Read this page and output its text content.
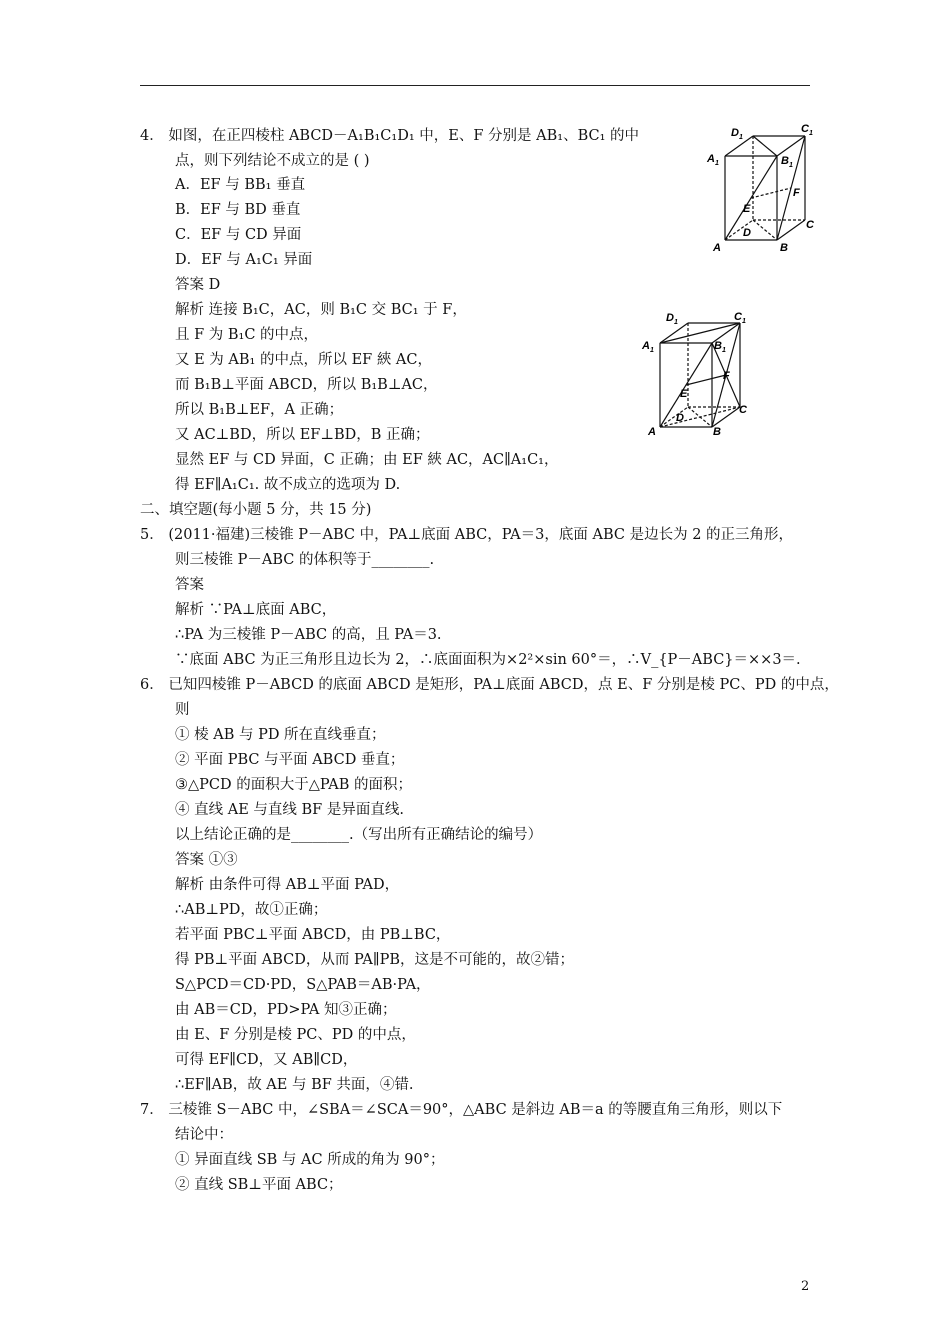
4． 如图，在正四棱柱 ABCD－A₁B₁C₁D₁ 中，E、F 分别是 AB₁、BC₁ 的中
点，则下列结论不成立的是 ( )
A．EF 与 BB₁ 垂直
B．EF 与 BD 垂直
C．EF 与 CD 异面
D．EF 与 A₁C₁ 异面
答案 D
解析 连接 B₁C，AC，则 B₁C 交 BC₁ 于 F，
且 F 为 B₁C 的中点，
又 E 为 AB₁ 的中点，所以 EF 綊 AC，
而 B₁B⊥平面 ABCD，所以 B₁B⊥AC，
所以 B₁B⊥EF，A 正确；
又 AC⊥BD，所以 EF⊥BD，B 正确；
显然 EF 与 CD 异面，C 正确；由 EF 綊 AC，AC∥A₁C₁，
得 EF∥A₁C₁. 故不成立的选项为 D.
二、填空题(每小题 5 分，共 15 分)
5． (2011·福建)三棱锥 P－ABC 中，PA⊥底面 ABC，PA＝3，底面 ABC 是边长为 2 的正三角形，
则三棱锥 P－ABC 的体积等于________.
答案
解析 ∵PA⊥底面 ABC，
∴PA 为三棱锥 P－ABC 的高，且 PA＝3.
∵底面 ABC 为正三角形且边长为 2，∴底面面积为×2²×sin 60°＝，∴V_{P－ABC}＝××3＝.
6． 已知四棱锥 P－ABCD 的底面 ABCD 是矩形，PA⊥底面 ABCD，点 E、F 分别是棱 PC、PD 的中点，
则
① 棱 AB 与 PD 所在直线垂直；
② 平面 PBC 与平面 ABCD 垂直；
③△PCD 的面积大于△PAB 的面积；
④ 直线 AE 与直线 BF 是异面直线.
以上结论正确的是________.（写出所有正确结论的编号）
答案 ①③
解析 由条件可得 AB⊥平面 PAD，
∴AB⊥PD，故①正确；
若平面 PBC⊥平面 ABCD，由 PB⊥BC，
得 PB⊥平面 ABCD，从而 PA∥PB，这是不可能的，故②错；
S△PCD＝CD·PD，S△PAB＝AB·PA，
由 AB＝CD，PD>PA 知③正确；
由 E、F 分别是棱 PC、PD 的中点，
可得 EF∥CD，又 AB∥CD，
∴EF∥AB，故 AE 与 BF 共面，④错.
7． 三棱锥 S－ABC 中，∠SBA＝∠SCA＝90°，△ABC 是斜边 AB＝a 的等腰直角三角形，则以下
结论中：
① 异面直线 SB 与 AC 所成的角为 90°；
② 直线 SB⊥平面 ABC；
$A_1$
$D_1$
$C_1$
$B_1$
E
F
D
C
A	B
$A_1$
$D_1$	$C_1$
$B_1$
E
F
D
C
A	B
2
